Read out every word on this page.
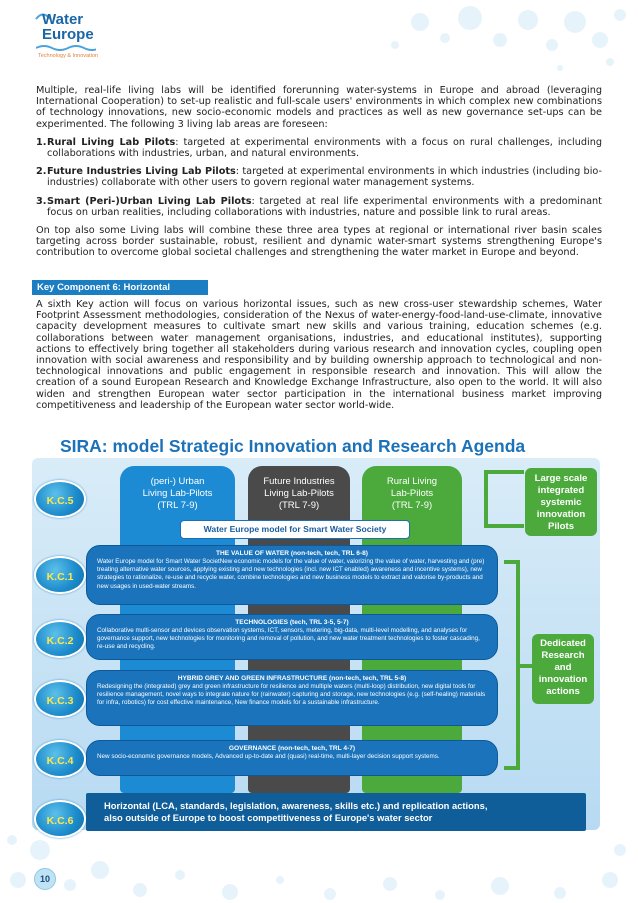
Water
Europe
Technology & Innovation

Multiple, real-life living labs will be identified forerunning water-systems in Europe and abroad (leveraging International Cooperation) to set-up realistic and full-scale users' environments in which complex new combinations of technology innovations, new socio-economic models and practices as well as new governance set-ups can be experimented. The following 3 living lab areas are foreseen:

1. Rural Living Lab Pilots: targeted at experimental environments with a focus on rural challenges, including collaborations with industries, urban, and natural environments.

2. Future Industries Living Lab Pilots: targeted at experimental environments in which industries (including bio-industries) collaborate with other users to govern regional water management systems.

3. Smart (Peri-)Urban Living Lab Pilots: targeted at real life experimental environments with a predominant focus on urban realities, including collaborations with industries, nature and possible link to rural areas.

On top also some Living labs will combine these three area types at regional or international river basin scales targeting across border sustainable, robust, resilient and dynamic water-smart systems strengthening Europe's contribution to overcome global societal challenges and strengthening the water market in Europe and beyond.

Key Component 6: Horizontal
A sixth Key action will focus on various horizontal issues, such as new cross-user stewardship schemes, Water Footprint Assessment methodologies, consideration of the Nexus of water-energy-food-land-use-climate, innovative capacity development measures to cultivate smart new skills and various training, education schemes (e.g. collaborations between water management organisations, industries, and educational institutes), supporting actions to effectively bring together all stakeholders during various research and innovation cycles, coupling open innovation with social awareness and responsibility and by building ownership approach to technological and non-technological innovations and public engagement in responsible research and innovation. This will allow the creation of a sound European Research and Knowledge Exchange Infrastructure, also open to the world. It will also widen and strengthen European water sector participation in the international business market improving competitiveness and leadership of the European water sector world-wide.
SIRA: model Strategic Innovation and Research Agenda
(peri-) Urban
Living Lab-Pilots
(TRL 7-9)
Future Industries
Living Lab-Pilots
(TRL 7-9)
Rural Living
Lab-Pilots
(TRL 7-9)
Water Europe model for Smart Water Society
K.C.5
K.C.1
K.C.2
K.C.3
K.C.4
K.C.6
THE VALUE OF WATER (non-tech, tech, TRL 6-8)
Water Europe model for Smart Water SocietNew economic models for the value of water, valorizing the value of water, harvesting and (pre) treating alternative water sources, applying existing and new technologies (incl. new ICT enabled) awareness and incentive systems), new strategies to rationalize, re-use and recycle water, combine technologies and new business models to extract and valorise by-products and new usages in used-water streams.
TECHNOLOGIES (tech, TRL 3-5, 5-7)
Collaborative multi-sensor and devices observation systems, ICT, sensors, metering, big-data, multi-level modelling, and analyses for governance support, new technologies for monitoring and removal of pollution, and new water treatment technologies to foster cascading, re-use and recycling.
HYBRID GREY AND GREEN INFRASTRUCTURE (non-tech, tech, TRL 5-8)
Redesigning the (integrated) grey and green infrastructure for resilience and multiple waters (multi-loop) distribution, new digital tools for resilience management, novel ways to integrate nature for (rainwater) capturing and storage, new technologies (e.g. (self-healing) materials for infra, robotics) for cost effective maintenance, New finance models for a sustainable infrastructure.
GOVERNANCE (non-tech, tech, TRL 4-7)
New socio-economic governance models, Advanced up-to-date and (quasi) real-time, multi-layer decision support systems.
Horizontal (LCA, standards, legislation, awareness, skills etc.) and replication actions,
also outside of Europe to boost competitiveness of Europe's water sector
Large scale
integrated
systemic
innovation
Pilots
Dedicated
Research
and
innovation
actions
10
